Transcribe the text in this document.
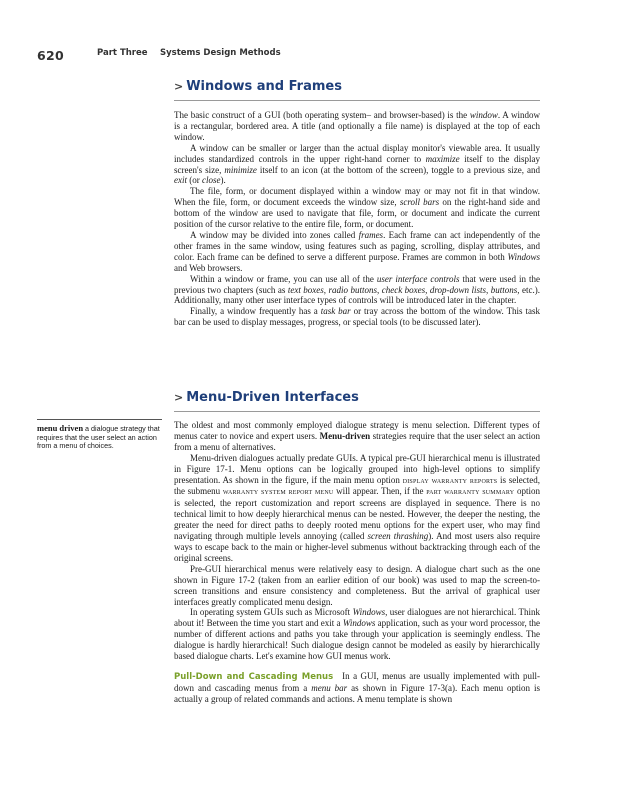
620	Part Three Systems Design Methods
> Windows and Frames

The basic construct of a GUI (both operating system– and browser-based) is the window. A window is a rectangular, bordered area. A title (and optionally a file name) is displayed at the top of each window.

A window can be smaller or larger than the actual display monitor's viewable area. It usually includes standardized controls in the upper right-hand corner to maximize itself to the display screen's size, minimize itself to an icon (at the bottom of the screen), toggle to a previous size, and exit (or close).

The file, form, or document displayed within a window may or may not fit in that window. When the file, form, or document exceeds the window size, scroll bars on the right-hand side and bottom of the window are used to navigate that file, form, or document and indicate the current position of the cursor relative to the entire file, form, or document.

A window may be divided into zones called frames. Each frame can act independently of the other frames in the same window, using features such as paging, scrolling, display attributes, and color. Each frame can be defined to serve a different purpose. Frames are common in both Windows and Web browsers.

Within a window or frame, you can use all of the user interface controls that were used in the previous two chapters (such as text boxes, radio buttons, check boxes, drop-down lists, buttons, etc.). Additionally, many other user interface types of controls will be introduced later in the chapter.

Finally, a window frequently has a task bar or tray across the bottom of the window. This task bar can be used to display messages, progress, or special tools (to be discussed later).

> Menu-Driven Interfaces

The oldest and most commonly employed dialogue strategy is menu selection. Different types of menus cater to novice and expert users. Menu-driven strategies require that the user select an action from a menu of alternatives.

Menu-driven dialogues actually predate GUIs. A typical pre-GUI hierarchical menu is illustrated in Figure 17-1. Menu options can be logically grouped into high-level options to simplify presentation. As shown in the figure, if the main menu option display warranty reports is selected, the submenu warranty system report menu will appear. Then, if the part warranty summary option is selected, the report customization and report screens are displayed in sequence. There is no technical limit to how deeply hierarchical menus can be nested. However, the deeper the nesting, the greater the need for direct paths to deeply rooted menu options for the expert user, who may find navigating through multiple levels annoying (called screen thrashing). And most users also require ways to escape back to the main or higher-level submenus without backtracking through each of the original screens.

Pre-GUI hierarchical menus were relatively easy to design. A dialogue chart such as the one shown in Figure 17-2 (taken from an earlier edition of our book) was used to map the screen-to-screen transitions and ensure consistency and completeness. But the arrival of graphical user interfaces greatly complicated menu design.

In operating system GUIs such as Microsoft Windows, user dialogues are not hierarchical. Think about it! Between the time you start and exit a Windows application, such as your word processor, the number of different actions and paths you take through your application is seemingly endless. The dialogue is hardly hierarchical! Such dialogue design cannot be modeled as easily by hierarchically based dialogue charts. Let's examine how GUI menus work.

Pull-Down and Cascading Menus  In a GUI, menus are usually implemented with pull-down and cascading menus from a menu bar as shown in Figure 17-3(a). Each menu option is actually a group of related commands and actions. A menu template is shown

menu driven a dialogue strategy that requires that the user select an action from a menu of choices.
